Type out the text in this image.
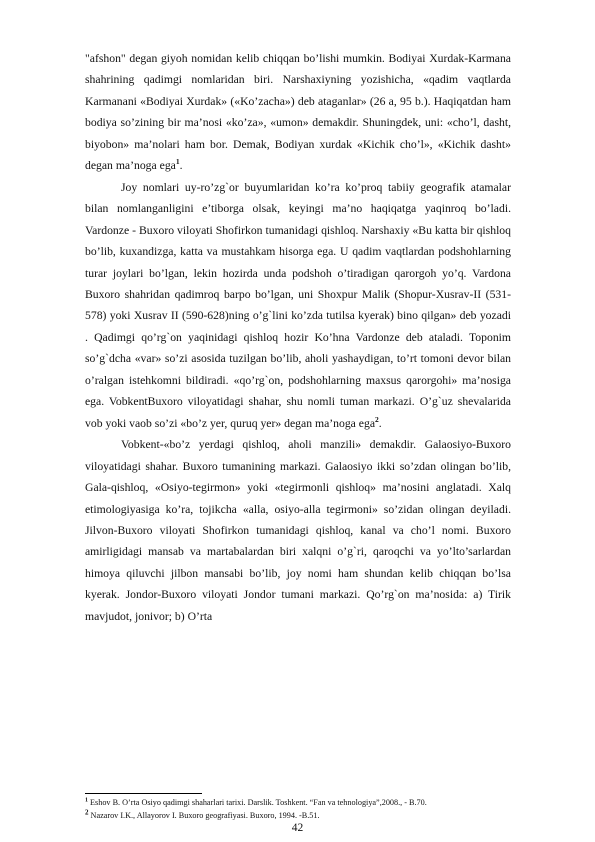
"afshon" degan giyoh nomidan kelib chiqqan bo’lishi mumkin. Bodiyai Xurdak-Karmana shahrining qadimgi nomlaridan biri. Narshaxiyning yozishicha, «qadim vaqtlarda Karmanani «Bodiyai Xurdak» («Ko’zacha») deb ataganlar» (26 a, 95 b.). Haqiqatdan ham bodiya so’zining bir ma’nosi «ko’za», «umon» demakdir. Shuningdek, uni: «cho’l, dasht, biyobon» ma’nolari ham bor. Demak, Bodiyan xurdak «Kichik cho’l», «Kichik dasht» degan ma’noga ega$^1$.

Joy nomlari uy-ro’zg`or buyumlaridan ko’ra ko’proq tabiiy geografik atamalar bilan nomlanganligini e’tiborga olsak, keyingi ma’no haqiqatga yaqinroq bo’ladi. Vardonze - Buxoro viloyati Shofirkon tumanidagi qishloq. Narshaxiy «Bu katta bir qishloq bo’lib, kuxandizga, katta va mustahkam hisorga ega. U qadim vaqtlardan podshohlarning turar joylari bo’lgan, lekin hozirda unda podshoh o’tiradigan qarorgoh yo’q. Vardona Buxoro shahridan qadimroq barpo bo’lgan, uni Shoxpur Malik (Shopur-Xusrav-II (531-578) yoki Xusrav II (590-628)ning o’g`lini ko’zda tutilsa kyerak) bino qilgan» deb yozadi . Qadimgi qo’rg`on yaqinidagi qishloq hozir Ko’hna Vardonze deb ataladi. Toponim so’g`dcha «var» so’zi asosida tuzilgan bo’lib, aholi yashaydigan, to’rt tomoni devor bilan o’ralgan istehkomni bildiradi. «qo’rg`on, podshohlarning maxsus qarorgohi» ma’nosiga ega. VobkentBuxoro viloyatidagi shahar, shu nomli tuman markazi. O’g`uz shevalarida vob yoki vaob so’zi «bo’z yer, quruq yer» degan ma’noga ega$^2$.

Vobkent-«bo’z yerdagi qishloq, aholi manzili» demakdir. Galaosiyo-Buxoro viloyatidagi shahar. Buxoro tumanining markazi. Galaosiyo ikki so’zdan olingan bo’lib, Gala-qishloq, «Osiyo-tegirmon» yoki «tegirmonli qishloq» ma’nosini anglatadi. Xalq etimologiyasiga ko’ra, tojikcha «alla, osiyo-alla tegirmoni» so’zidan olingan deyiladi. Jilvon-Buxoro viloyati Shofirkon tumanidagi qishloq, kanal va cho’l nomi. Buxoro amirligidagi mansab va martabalardan biri xalqni o’g`ri, qaroqchi va yo’lto’sarlardan himoya qiluvchi jilbon mansabi bo’lib, joy nomi ham shundan kelib chiqqan bo’lsa kyerak. Jondor-Buxoro viloyati Jondor tumani markazi. Qo’rg`on ma’nosida: a) Tirik mavjudot, jonivor; b) O’rta

$^1$ Eshov B. O’rta Osiyo qadimgi shaharlari tarixi. Darslik. Toshkent. “Fan va tehnologiya”,2008., - B.70.

$^2$ Nazarov I.K., Allayorov I. Buxoro geografiyasi. Buxoro, 1994. -B.51.

42
